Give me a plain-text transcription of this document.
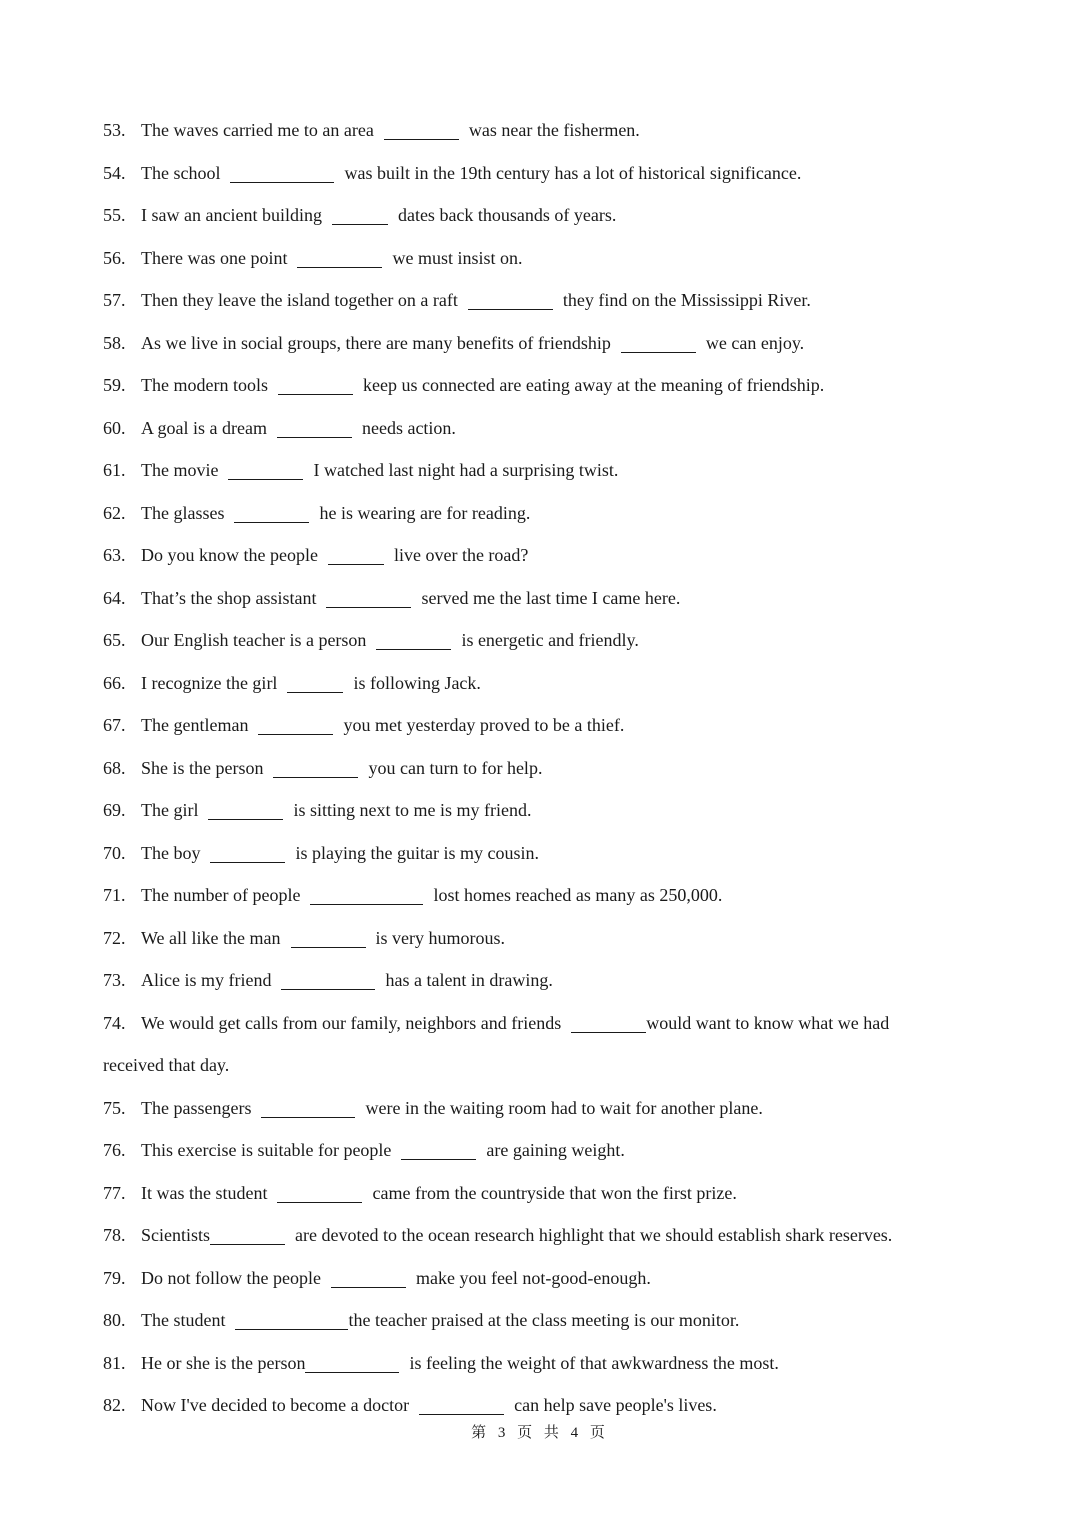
53. The waves carried me to an area	was near the fishermen.
54. The school	was built in the 19th century has a lot of historical significance.
55. I saw an ancient building	dates back thousands of years.
56. There was one point	we must insist on.
57. Then they leave the island together on a raft	they find on the Mississippi River.
58. As we live in social groups, there are many benefits of friendship	we can enjoy.
59. The modern tools	keep us connected are eating away at the meaning of friendship.
60. A goal is a dream	needs action.
61. The movie	I watched last night had a surprising twist.
62. The glasses	he is wearing are for reading.
63. Do you know the people	live over the road?
64. That’s the shop assistant	served me the last time I came here.
65. Our English teacher is a person	is energetic and friendly.
66. I recognize the girl	is following Jack.
67. The gentleman	you met yesterday proved to be a thief.
68. She is the person	you can turn to for help.
69. The girl	is sitting next to me is my friend.
70. The boy	is playing the guitar is my cousin.
71. The number of people	lost homes reached as many as 250,000.
72. We all like the man	is very humorous.
73. Alice is my friend	has a talent in drawing.
74. We would get calls from our family, neighbors and friends	would want to know what we had received that day.
75. The passengers	were in the waiting room had to wait for another plane.
76. This exercise is suitable for people	are gaining weight.
77. It was the student	came from the countryside that won the first prize.
78. Scientists	are devoted to the ocean research highlight that we should establish shark reserves.
79. Do not follow the people	make you feel not-good-enough.
80. The student	the teacher praised at the class meeting is our monitor.
81. He or she is the person	is feeling the weight of that awkwardness the most.
82. Now I've decided to become a doctor	can help save people's lives.
第 3 页 共 4 页
